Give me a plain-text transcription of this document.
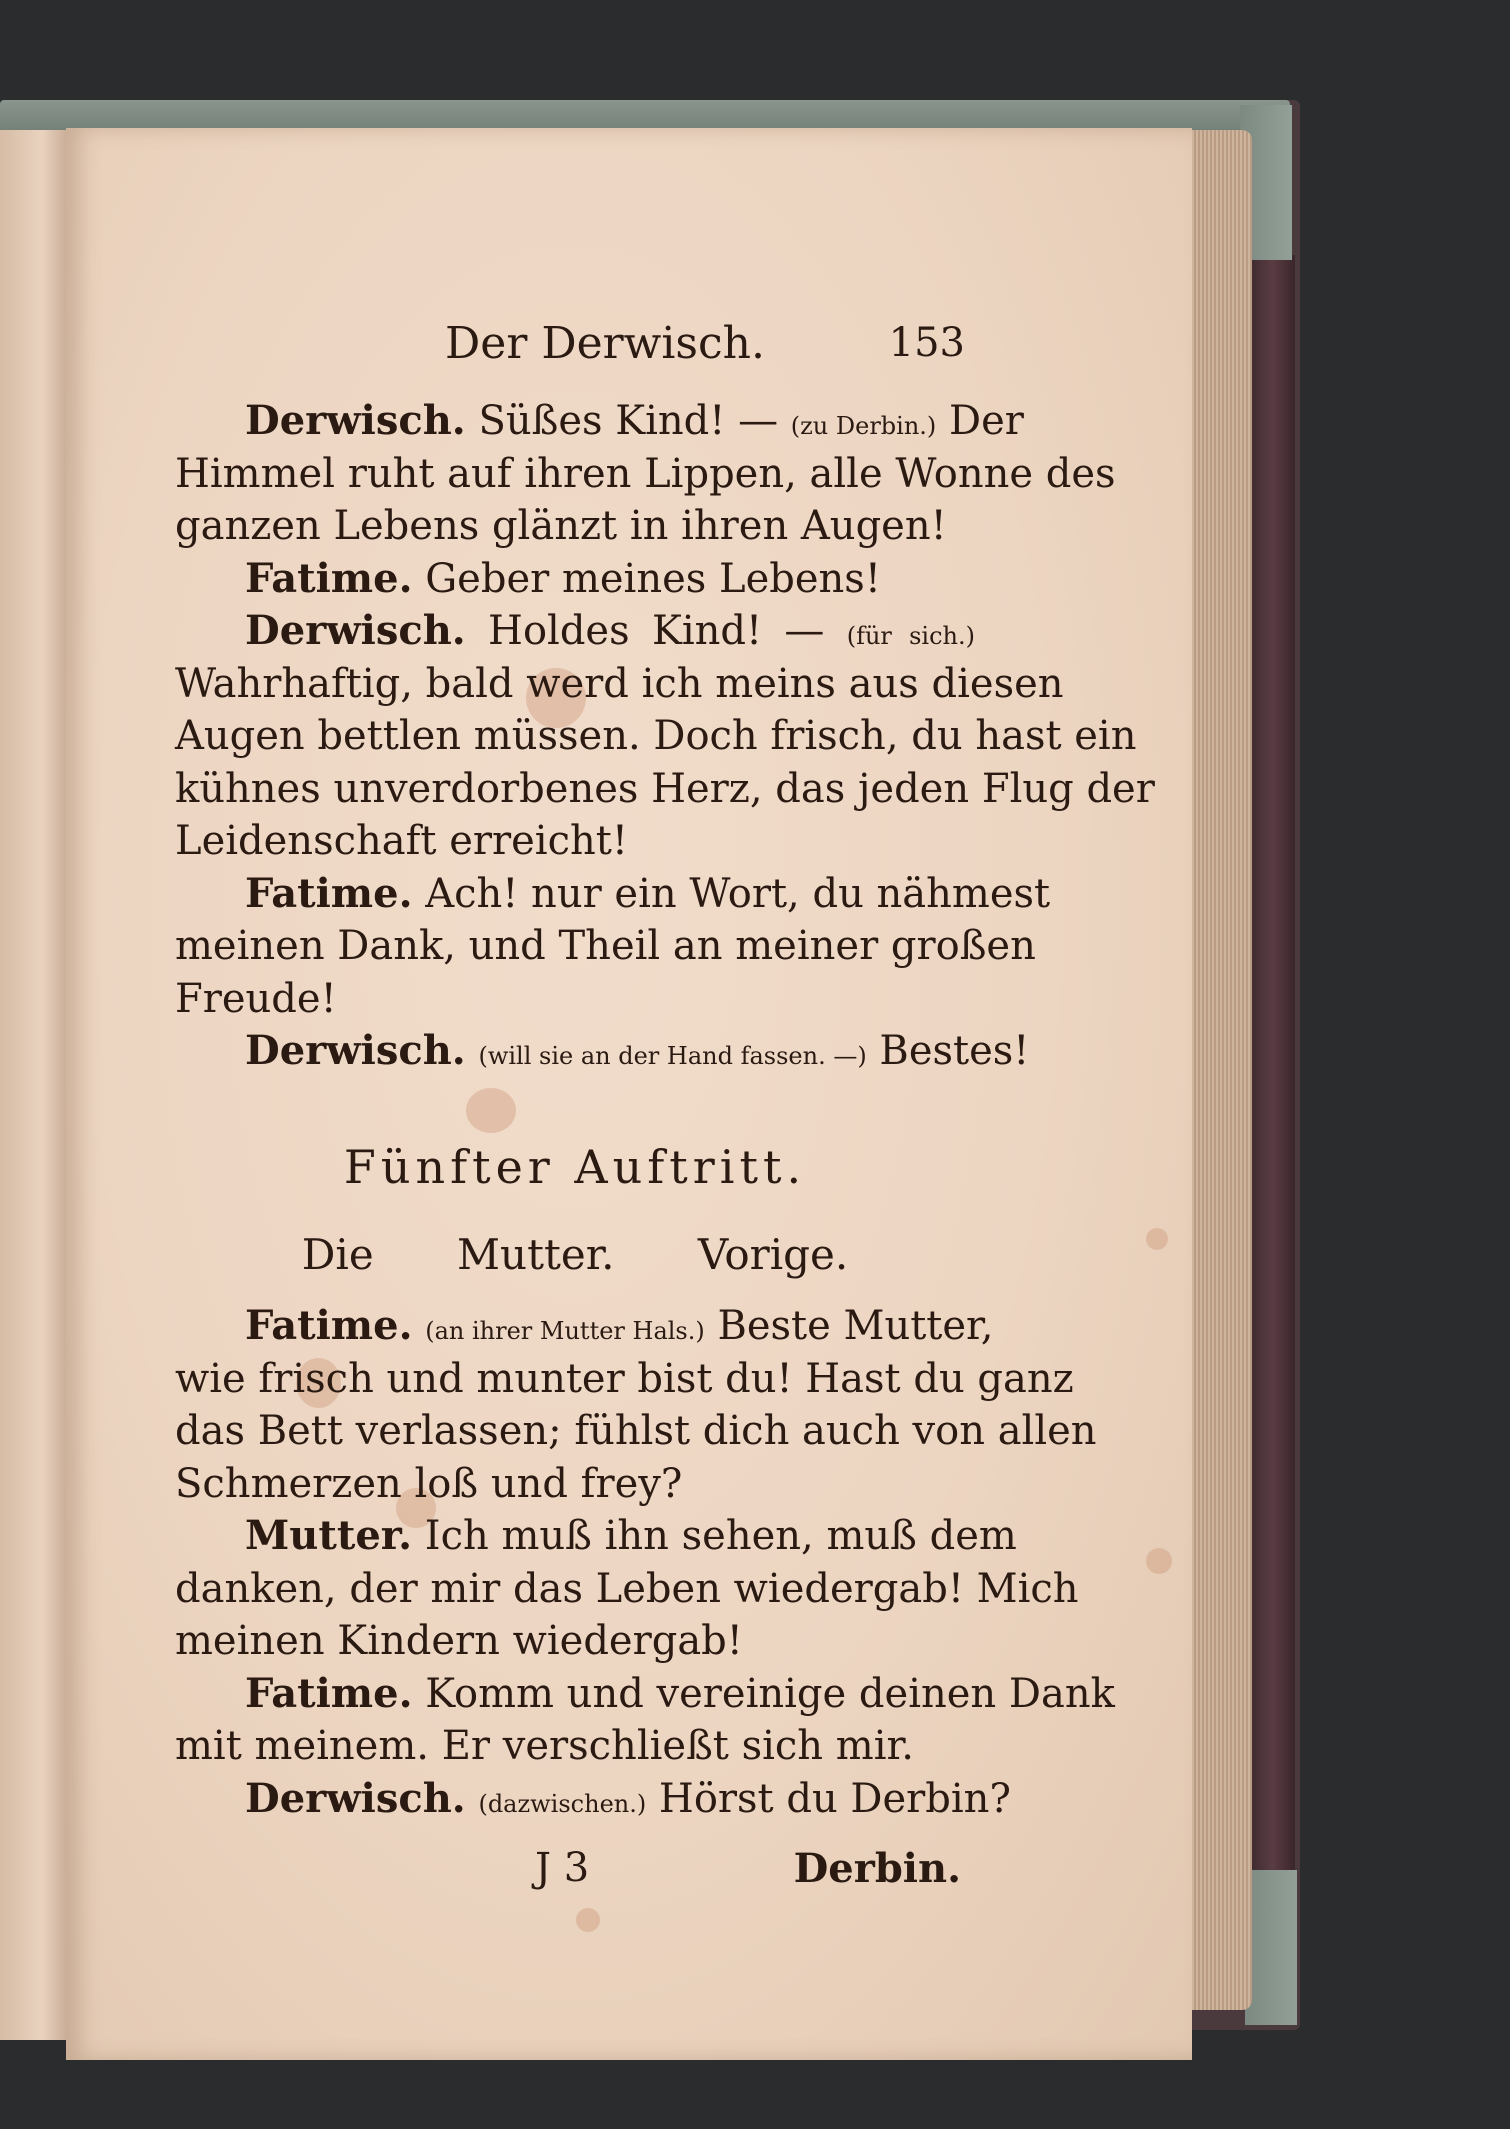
Der Derwisch.	153
Derwisch. Süßes Kind! — (zu Derbin.) Der
Himmel ruht auf ihren Lippen, alle Wonne des
ganzen Lebens glänzt in ihren Augen!
Fatime. Geber meines Lebens!
Derwisch. Holdes Kind! — (für sich.)
Wahrhaftig, bald werd ich meins aus diesen
Augen bettlen müssen. Doch frisch, du hast ein
kühnes unverdorbenes Herz, das jeden Flug der
Leidenschaft erreicht!
Fatime. Ach! nur ein Wort, du nähmest
meinen Dank, und Theil an meiner großen
Freude!
Derwisch. (will sie an der Hand fassen. —) Bestes!
Fünfter Auftritt.
Die Mutter. Vorige.
Fatime. (an ihrer Mutter Hals.) Beste Mutter,
wie frisch und munter bist du! Hast du ganz
das Bett verlassen; fühlst dich auch von allen
Schmerzen loß und frey?
Mutter. Ich muß ihn sehen, muß dem
danken, der mir das Leben wiedergab! Mich
meinen Kindern wiedergab!
Fatime. Komm und vereinige deinen Dank
mit meinem. Er verschließt sich mir.
Derwisch. (dazwischen.) Hörst du Derbin?
J 3	Derbin.
